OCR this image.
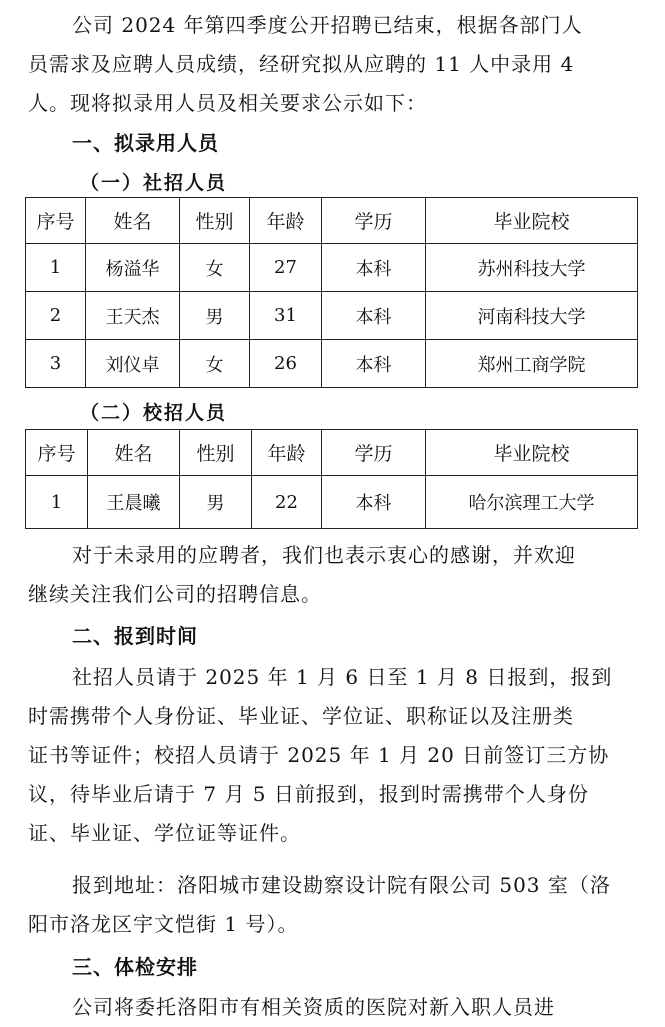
公司 2024 年第四季度公开招聘已结束，根据各部门人
员需求及应聘人员成绩，经研究拟从应聘的 11 人中录用 4
人。现将拟录用人员及相关要求公示如下：
一、拟录用人员
（一）社招人员
序号	姓名	性别	年龄	学历	毕业院校
1	杨溢华	女	27	本科	苏州科技大学
2	王天杰	男	31	本科	河南科技大学
3	刘仪卓	女	26	本科	郑州工商学院
（二）校招人员
序号	姓名	性别	年龄	学历	毕业院校
1	王晨曦	男	22	本科	哈尔滨理工大学
对于未录用的应聘者，我们也表示衷心的感谢，并欢迎
继续关注我们公司的招聘信息。
二、报到时间
社招人员请于 2025 年 1 月 6 日至 1 月 8 日报到，报到
时需携带个人身份证、毕业证、学位证、职称证以及注册类
证书等证件；校招人员请于 2025 年 1 月 20 日前签订三方协
议，待毕业后请于 7 月 5 日前报到，报到时需携带个人身份
证、毕业证、学位证等证件。
报到地址：洛阳城市建设勘察设计院有限公司 503 室（洛
阳市洛龙区宇文恺街 1 号）。
三、体检安排
公司将委托洛阳市有相关资质的医院对新入职人员进
